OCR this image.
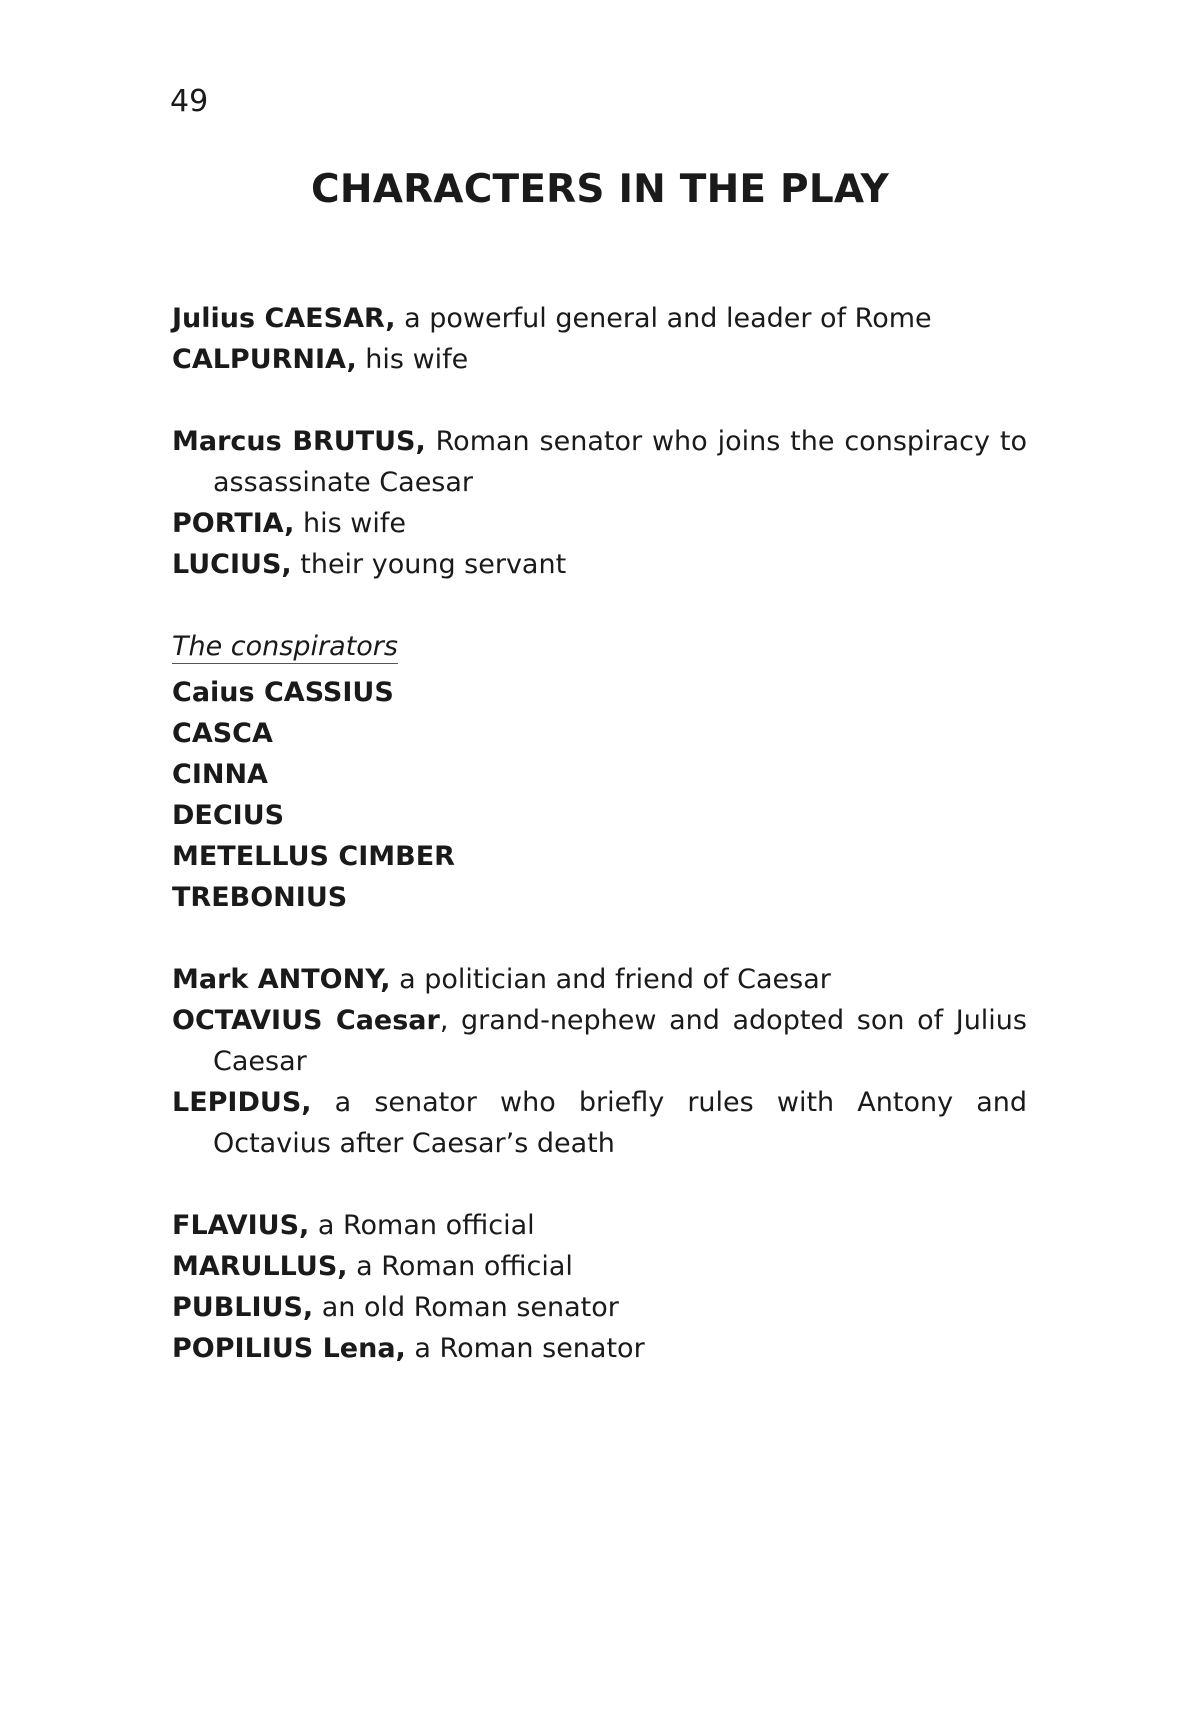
49
CHARACTERS IN THE PLAY
Julius CAESAR, a powerful general and leader of Rome
CALPURNIA, his wife
Marcus BRUTUS, Roman senator who joins the conspiracy to assassinate Caesar
PORTIA, his wife
LUCIUS, their young servant
The conspirators
Caius CASSIUS
CASCA
CINNA
DECIUS
METELLUS CIMBER
TREBONIUS
Mark ANTONY, a politician and friend of Caesar
OCTAVIUS Caesar, grand-nephew and adopted son of Julius Caesar
LEPIDUS, a senator who briefly rules with Antony and Octavius after Caesar’s death
FLAVIUS, a Roman official
MARULLUS, a Roman official
PUBLIUS, an old Roman senator
POPILIUS Lena, a Roman senator
